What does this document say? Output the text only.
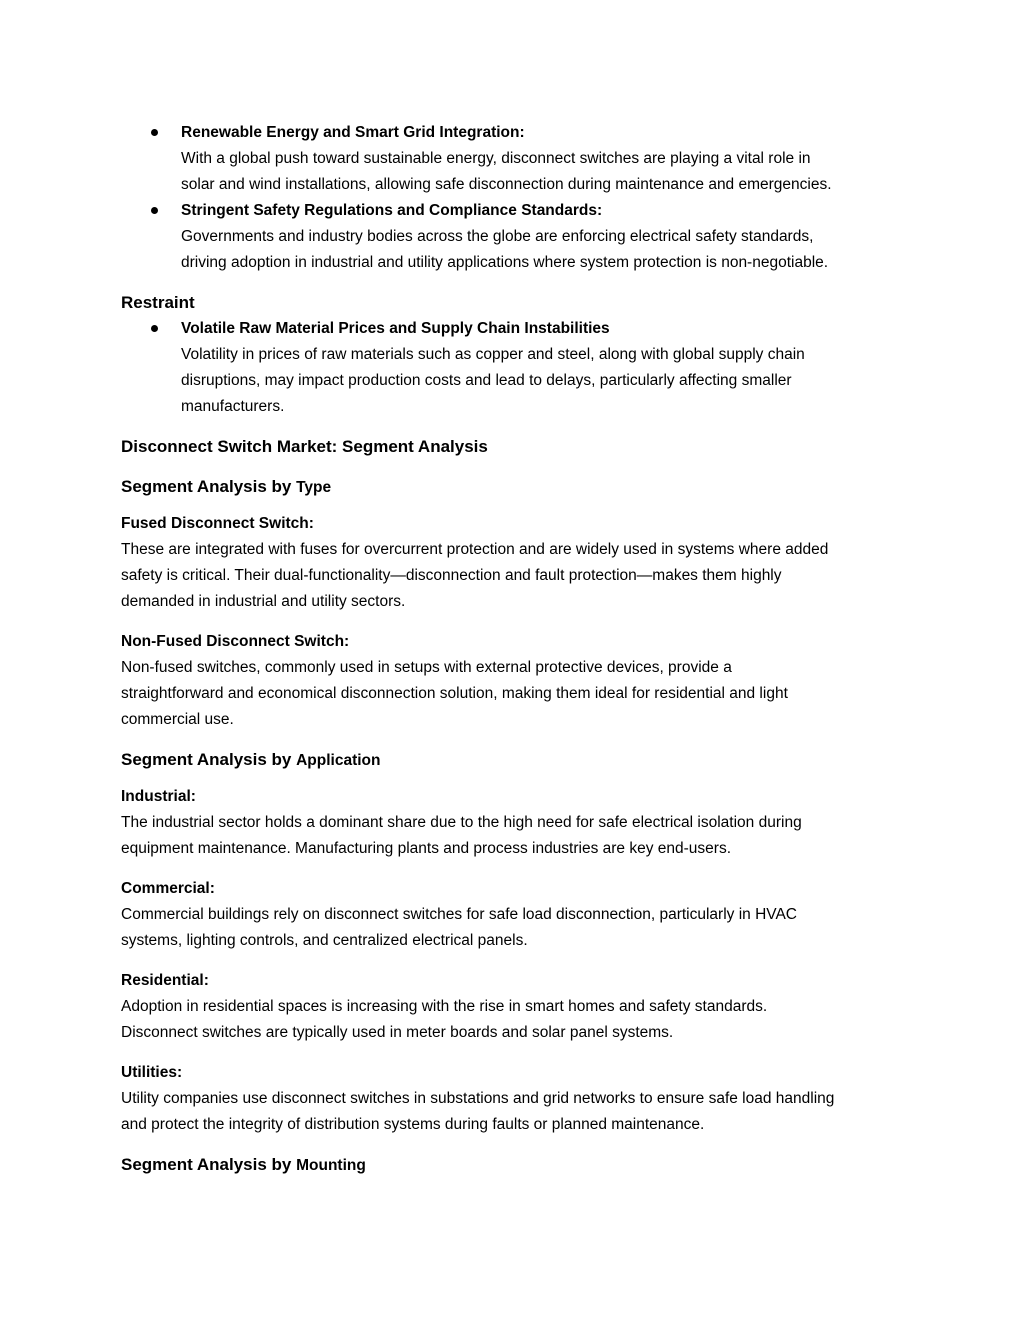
Renewable Energy and Smart Grid Integration:
With a global push toward sustainable energy, disconnect switches are playing a vital role in
solar and wind installations, allowing safe disconnection during maintenance and emergencies.
Stringent Safety Regulations and Compliance Standards:
Governments and industry bodies across the globe are enforcing electrical safety standards,
driving adoption in industrial and utility applications where system protection is non-negotiable.
Restraint
Volatile Raw Material Prices and Supply Chain Instabilities
Volatility in prices of raw materials such as copper and steel, along with global supply chain
disruptions, may impact production costs and lead to delays, particularly affecting smaller
manufacturers.
Disconnect Switch Market: Segment Analysis
Segment Analysis by Type
Fused Disconnect Switch:
These are integrated with fuses for overcurrent protection and are widely used in systems where added
safety is critical. Their dual-functionality—disconnection and fault protection—makes them highly
demanded in industrial and utility sectors.
Non-Fused Disconnect Switch:
Non-fused switches, commonly used in setups with external protective devices, provide a
straightforward and economical disconnection solution, making them ideal for residential and light
commercial use.
Segment Analysis by Application
Industrial:
The industrial sector holds a dominant share due to the high need for safe electrical isolation during
equipment maintenance. Manufacturing plants and process industries are key end-users.
Commercial:
Commercial buildings rely on disconnect switches for safe load disconnection, particularly in HVAC
systems, lighting controls, and centralized electrical panels.
Residential:
Adoption in residential spaces is increasing with the rise in smart homes and safety standards.
Disconnect switches are typically used in meter boards and solar panel systems.
Utilities:
Utility companies use disconnect switches in substations and grid networks to ensure safe load handling
and protect the integrity of distribution systems during faults or planned maintenance.
Segment Analysis by Mounting
